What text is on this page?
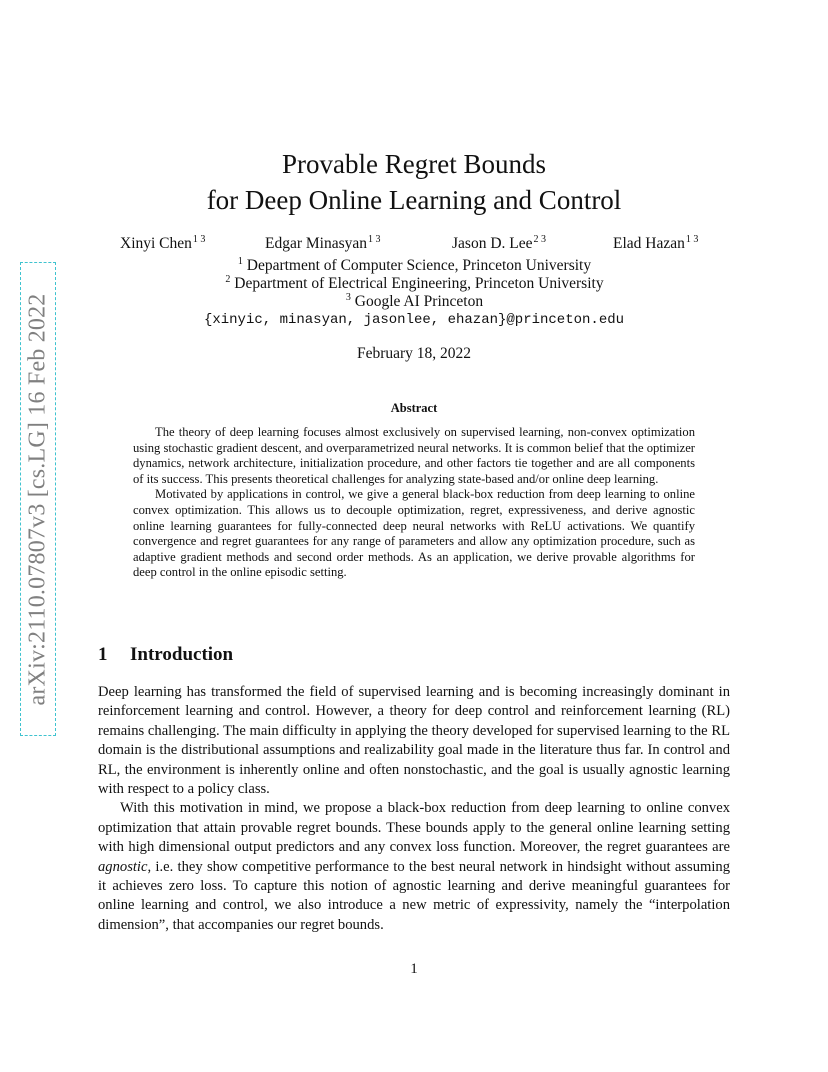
arXiv:2110.07807v3 [cs.LG] 16 Feb 2022
Provable Regret Bounds
for Deep Online Learning and Control
Xinyi Chen$^{1 3}$	Edgar Minasyan$^{1 3}$	Jason D. Lee$^{2 3}$	Elad Hazan$^{1 3}$
$^1$ Department of Computer Science, Princeton University
$^2$ Department of Electrical Engineering, Princeton University
$^3$ Google AI Princeton
{xinyic, minasyan, jasonlee, ehazan}@princeton.edu
February 18, 2022
Abstract

The theory of deep learning focuses almost exclusively on supervised learning, non-convex optimization using stochastic gradient descent, and overparametrized neural networks. It is common belief that the optimizer dynamics, network architecture, initialization procedure, and other factors tie together and are all components of its success. This presents theoretical challenges for analyzing state-based and/or online deep learning.

Motivated by applications in control, we give a general black-box reduction from deep learning to online convex optimization. This allows us to decouple optimization, regret, expressiveness, and derive agnostic online learning guarantees for fully-connected deep neural networks with ReLU activations. We quantify convergence and regret guarantees for any range of parameters and allow any optimization procedure, such as adaptive gradient methods and second order methods. As an application, we derive provable algorithms for deep control in the online episodic setting.

1 Introduction

Deep learning has transformed the field of supervised learning and is becoming increasingly dominant in reinforcement learning and control. However, a theory for deep control and reinforcement learning (RL) remains challenging. The main difficulty in applying the theory developed for supervised learning to the RL domain is the distributional assumptions and realizability goal made in the literature thus far. In control and RL, the environment is inherently online and often nonstochastic, and the goal is usually agnostic learning with respect to a policy class.

With this motivation in mind, we propose a black-box reduction from deep learning to online convex optimization that attain provable regret bounds. These bounds apply to the general online learning setting with high dimensional output predictors and any convex loss function. Moreover, the regret guarantees are agnostic, i.e. they show competitive performance to the best neural network in hindsight without assuming it achieves zero loss. To capture this notion of agnostic learning and derive meaningful guarantees for online learning and control, we also introduce a new metric of expressivity, namely the “interpolation dimension”, that accompanies our regret bounds.

1
